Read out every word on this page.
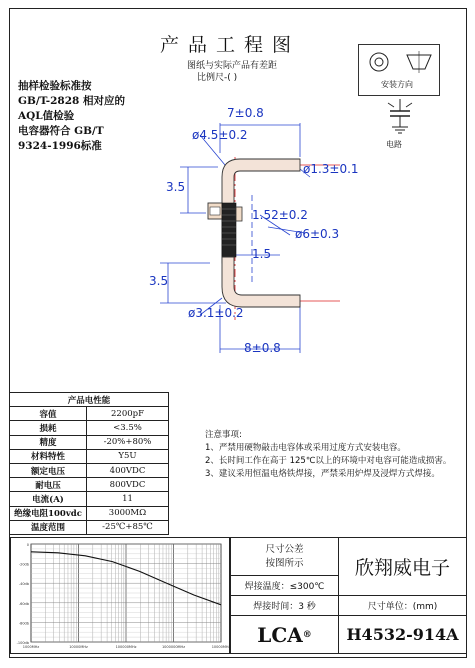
产品工程图
图纸与实际产品有差距
比例尺-( )
抽样检验标准按
GB/T-2828 相对应的
AQL值检验
电容器符合 GB/T
9324-1996标准
安装方向
电路
7±0.8
ø4.5±0.2
ø1.3±0.1
3.5
1.52±0.2
ø6±0.3
1.5
3.5
ø3.1±0.2
8±0.8
产品电性能	
容值	2200pF
损耗	<3.5%
精度	-20%+80%
材料特性	Y5U
额定电压	400VDC
耐电压	800VDC
电流(A)	11
绝缘电阻100vdc	3000MΩ
温度范围	-25℃+85℃
注意事项:
1、严禁用硬物敲击电容体或采用过度方式安装电容。
2、长时间工作在高于 125℃以上的环境中对电容可能造成损害。
3、建议采用恒温电烙铁焊接，严禁采用炉焊及浸焊方式焊接。
0
-20db
-40db
-60db
-80db
-100db
1000MHz	10000MHz	100000MHz	1000000MHz	10000MHz
尺寸公差
按图所示	欣翔威电子
焊接温度：≤300℃
焊接时间：3 秒	尺寸单位：(mm)
LCA ®	H4532-914A
